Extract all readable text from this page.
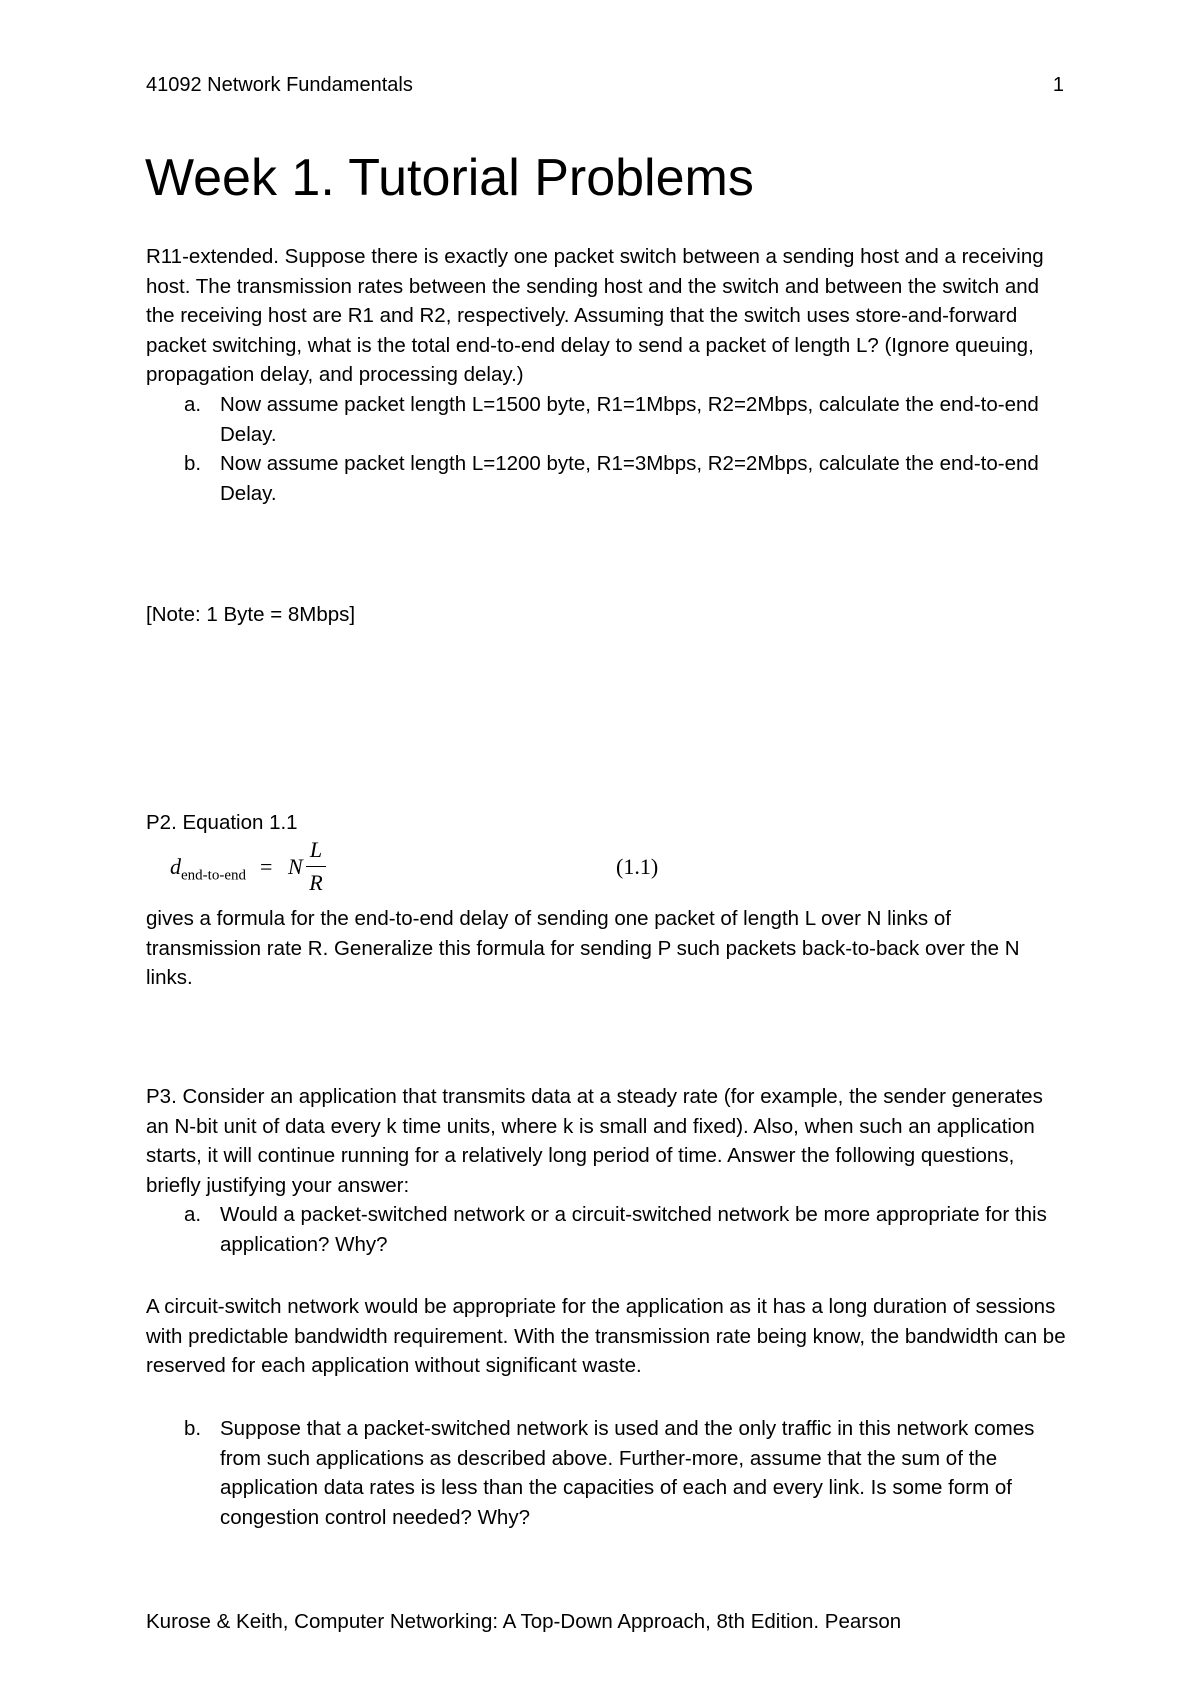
41092 Network Fundamentals	1
Week 1. Tutorial Problems
R11-extended. Suppose there is exactly one packet switch between a sending host and a receiving host. The transmission rates between the sending host and the switch and between the switch and the receiving host are R1 and R2, respectively. Assuming that the switch uses store-and-forward packet switching, what is the total end-to-end delay to send a packet of length L? (Ignore queuing, propagation delay, and processing delay.)
a. Now assume packet length L=1500 byte, R1=1Mbps, R2=2Mbps, calculate the end-to-end Delay.
b. Now assume packet length L=1200 byte, R1=3Mbps, R2=2Mbps, calculate the end-to-end Delay.
[Note: 1 Byte = 8Mbps]
P2. Equation 1.1
$d_{end-to-end} = N$
L
R
(1.1)
gives a formula for the end-to-end delay of sending one packet of length L over N links of transmission rate R. Generalize this formula for sending P such packets back-to-back over the N links.
P3. Consider an application that transmits data at a steady rate (for example, the sender generates an N-bit unit of data every k time units, where k is small and fixed). Also, when such an application starts, it will continue running for a relatively long period of time. Answer the following questions, briefly justifying your answer:
a. Would a packet-switched network or a circuit-switched network be more appropriate for this application? Why?
A circuit-switch network would be appropriate for the application as it has a long duration of sessions with predictable bandwidth requirement. With the transmission rate being know, the bandwidth can be reserved for each application without significant waste.
b. Suppose that a packet-switched network is used and the only traffic in this network comes from such applications as described above. Further-more, assume that the sum of the application data rates is less than the capacities of each and every link. Is some form of congestion control needed? Why?
Kurose & Keith, Computer Networking: A Top-Down Approach, 8th Edition. Pearson
